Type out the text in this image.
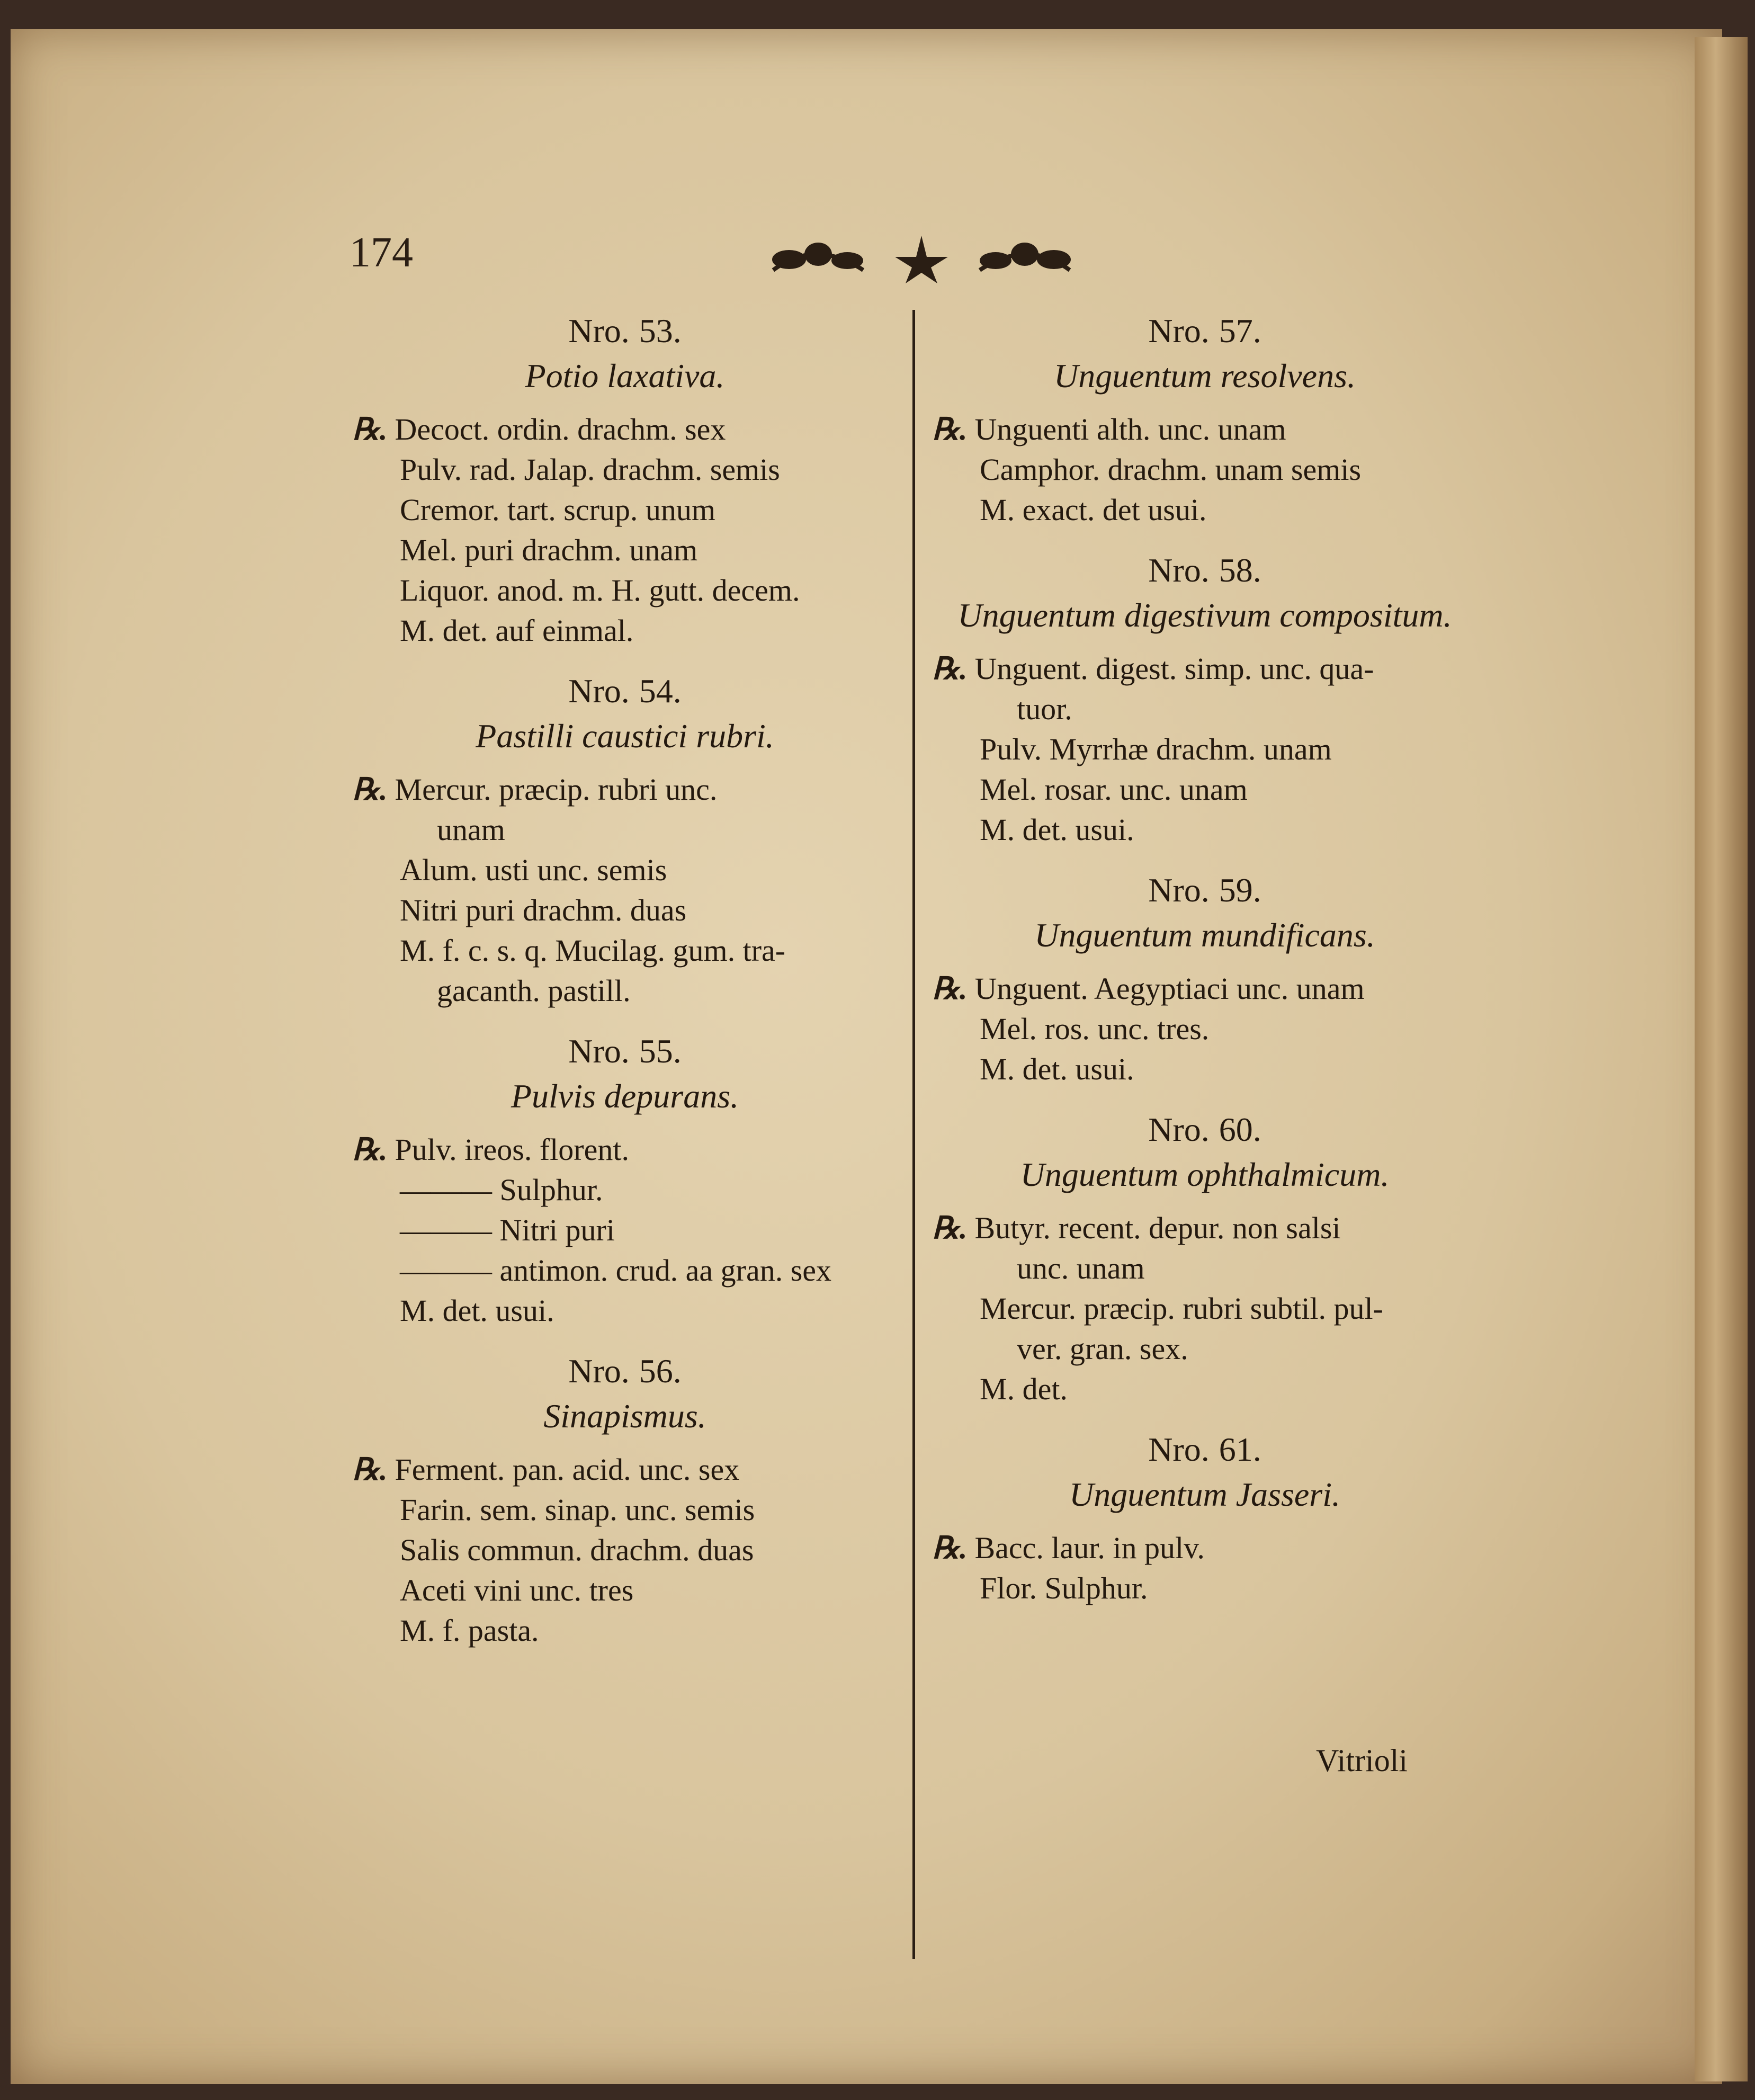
174
Nro. 53.
Potio laxativa.
℞. Decoct. ordin. drachm. sex
Pulv. rad. Jalap. drachm. semis
Cremor. tart. scrup. unum
Mel. puri drachm. unam
Liquor. anod. m. H. gutt. decem.
M. det. auf einmal.
Nro. 54.
Pastilli caustici rubri.
℞. Mercur. præcip. rubri unc.
unam
Alum. usti unc. semis
Nitri puri drachm. duas
M. f. c. s. q. Mucilag. gum. tra-
gacanth. pastill.
Nro. 55.
Pulvis depurans.
℞. Pulv. ireos. florent.
——— Sulphur.
——— Nitri puri
——— antimon. crud. aa gran. sex
M. det. usui.
Nro. 56.
Sinapismus.
℞. Ferment. pan. acid. unc. sex
Farin. sem. sinap. unc. semis
Salis commun. drachm. duas
Aceti vini unc. tres
M. f. pasta.
Nro. 57.
Unguentum resolvens.
℞. Unguenti alth. unc. unam
Camphor. drachm. unam semis
M. exact. det usui.
Nro. 58.
Unguentum digestivum compositum.
℞. Unguent. digest. simp. unc. qua-
tuor.
Pulv. Myrrhæ drachm. unam
Mel. rosar. unc. unam
M. det. usui.
Nro. 59.
Unguentum mundificans.
℞. Unguent. Aegyptiaci unc. unam
Mel. ros. unc. tres.
M. det. usui.
Nro. 60.
Unguentum ophthalmicum.
℞. Butyr. recent. depur. non salsi
unc. unam
Mercur. præcip. rubri subtil. pul-
ver. gran. sex.
M. det.
Nro. 61.
Unguentum Jasseri.
℞. Bacc. laur. in pulv.
Flor. Sulphur.
Vitrioli
